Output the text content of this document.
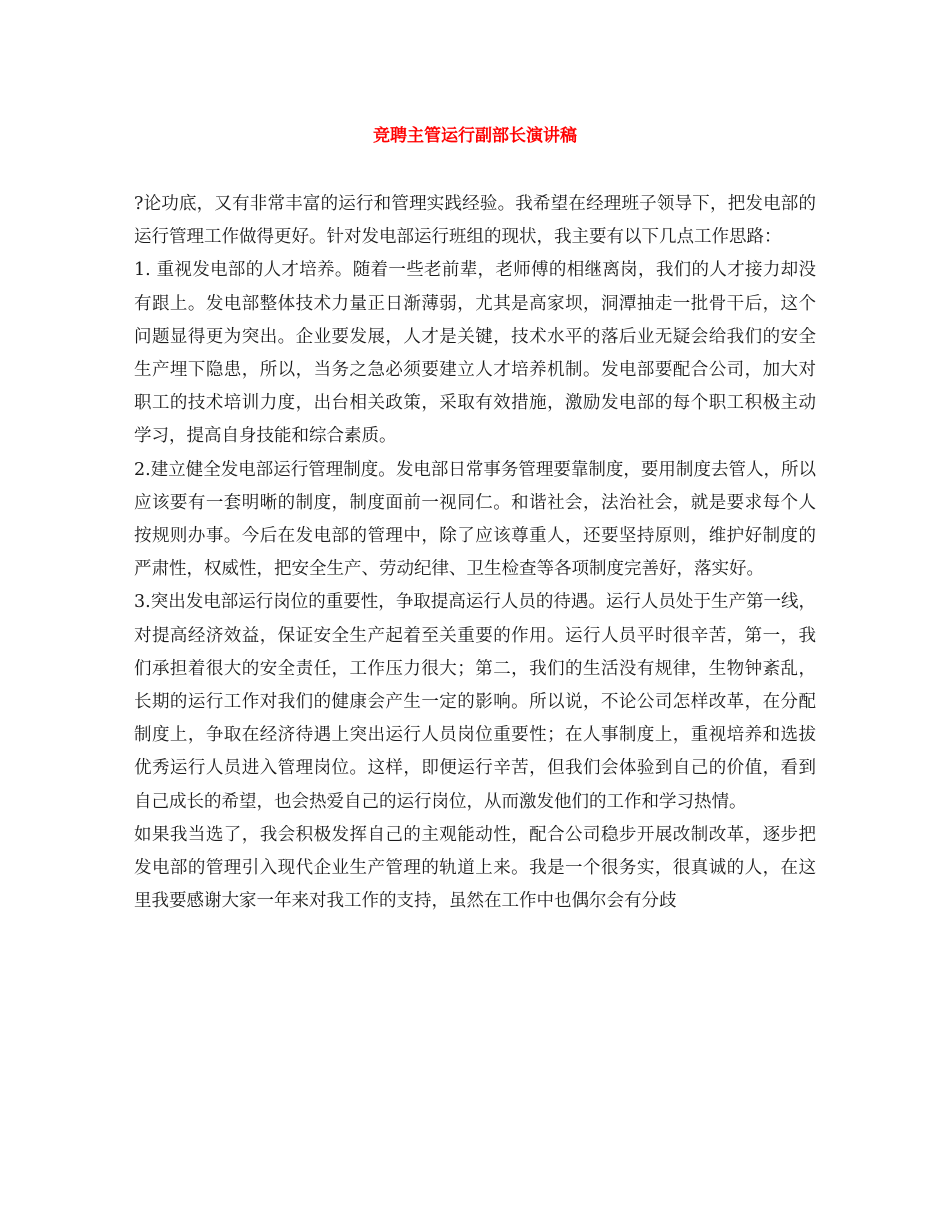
竞聘主管运行副部长演讲稿

?论功底，又有非常丰富的运行和管理实践经验。我希望在经理班子领导下，把发电部的运行管理工作做得更好。针对发电部运行班组的现状，我主要有以下几点工作思路：

1. 重视发电部的人才培养。随着一些老前辈，老师傅的相继离岗，我们的人才接力却没有跟上。发电部整体技术力量正日渐薄弱，尤其是高家坝，洞潭抽走一批骨干后，这个问题显得更为突出。企业要发展，人才是关键，技术水平的落后业无疑会给我们的安全生产埋下隐患，所以，当务之急必须要建立人才培养机制。发电部要配合公司，加大对职工的技术培训力度，出台相关政策，采取有效措施，激励发电部的每个职工积极主动学习，提高自身技能和综合素质。

2.建立健全发电部运行管理制度。发电部日常事务管理要靠制度，要用制度去管人，所以应该要有一套明晰的制度，制度面前一视同仁。和谐社会，法治社会，就是要求每个人按规则办事。今后在发电部的管理中，除了应该尊重人，还要坚持原则，维护好制度的严肃性，权威性，把安全生产、劳动纪律、卫生检查等各项制度完善好，落实好。

3.突出发电部运行岗位的重要性，争取提高运行人员的待遇。运行人员处于生产第一线，对提高经济效益，保证安全生产起着至关重要的作用。运行人员平时很辛苦，第一，我们承担着很大的安全责任，工作压力很大；第二，我们的生活没有规律，生物钟紊乱，长期的运行工作对我们的健康会产生一定的影响。所以说，不论公司怎样改革，在分配制度上，争取在经济待遇上突出运行人员岗位重要性；在人事制度上，重视培养和选拔优秀运行人员进入管理岗位。这样，即便运行辛苦，但我们会体验到自己的价值，看到自己成长的希望，也会热爱自己的运行岗位，从而激发他们的工作和学习热情。

如果我当选了，我会积极发挥自己的主观能动性，配合公司稳步开展改制改革，逐步把发电部的管理引入现代企业生产管理的轨道上来。我是一个很务实，很真诚的人，在这里我要感谢大家一年来对我工作的支持，虽然在工作中也偶尔会有分歧
